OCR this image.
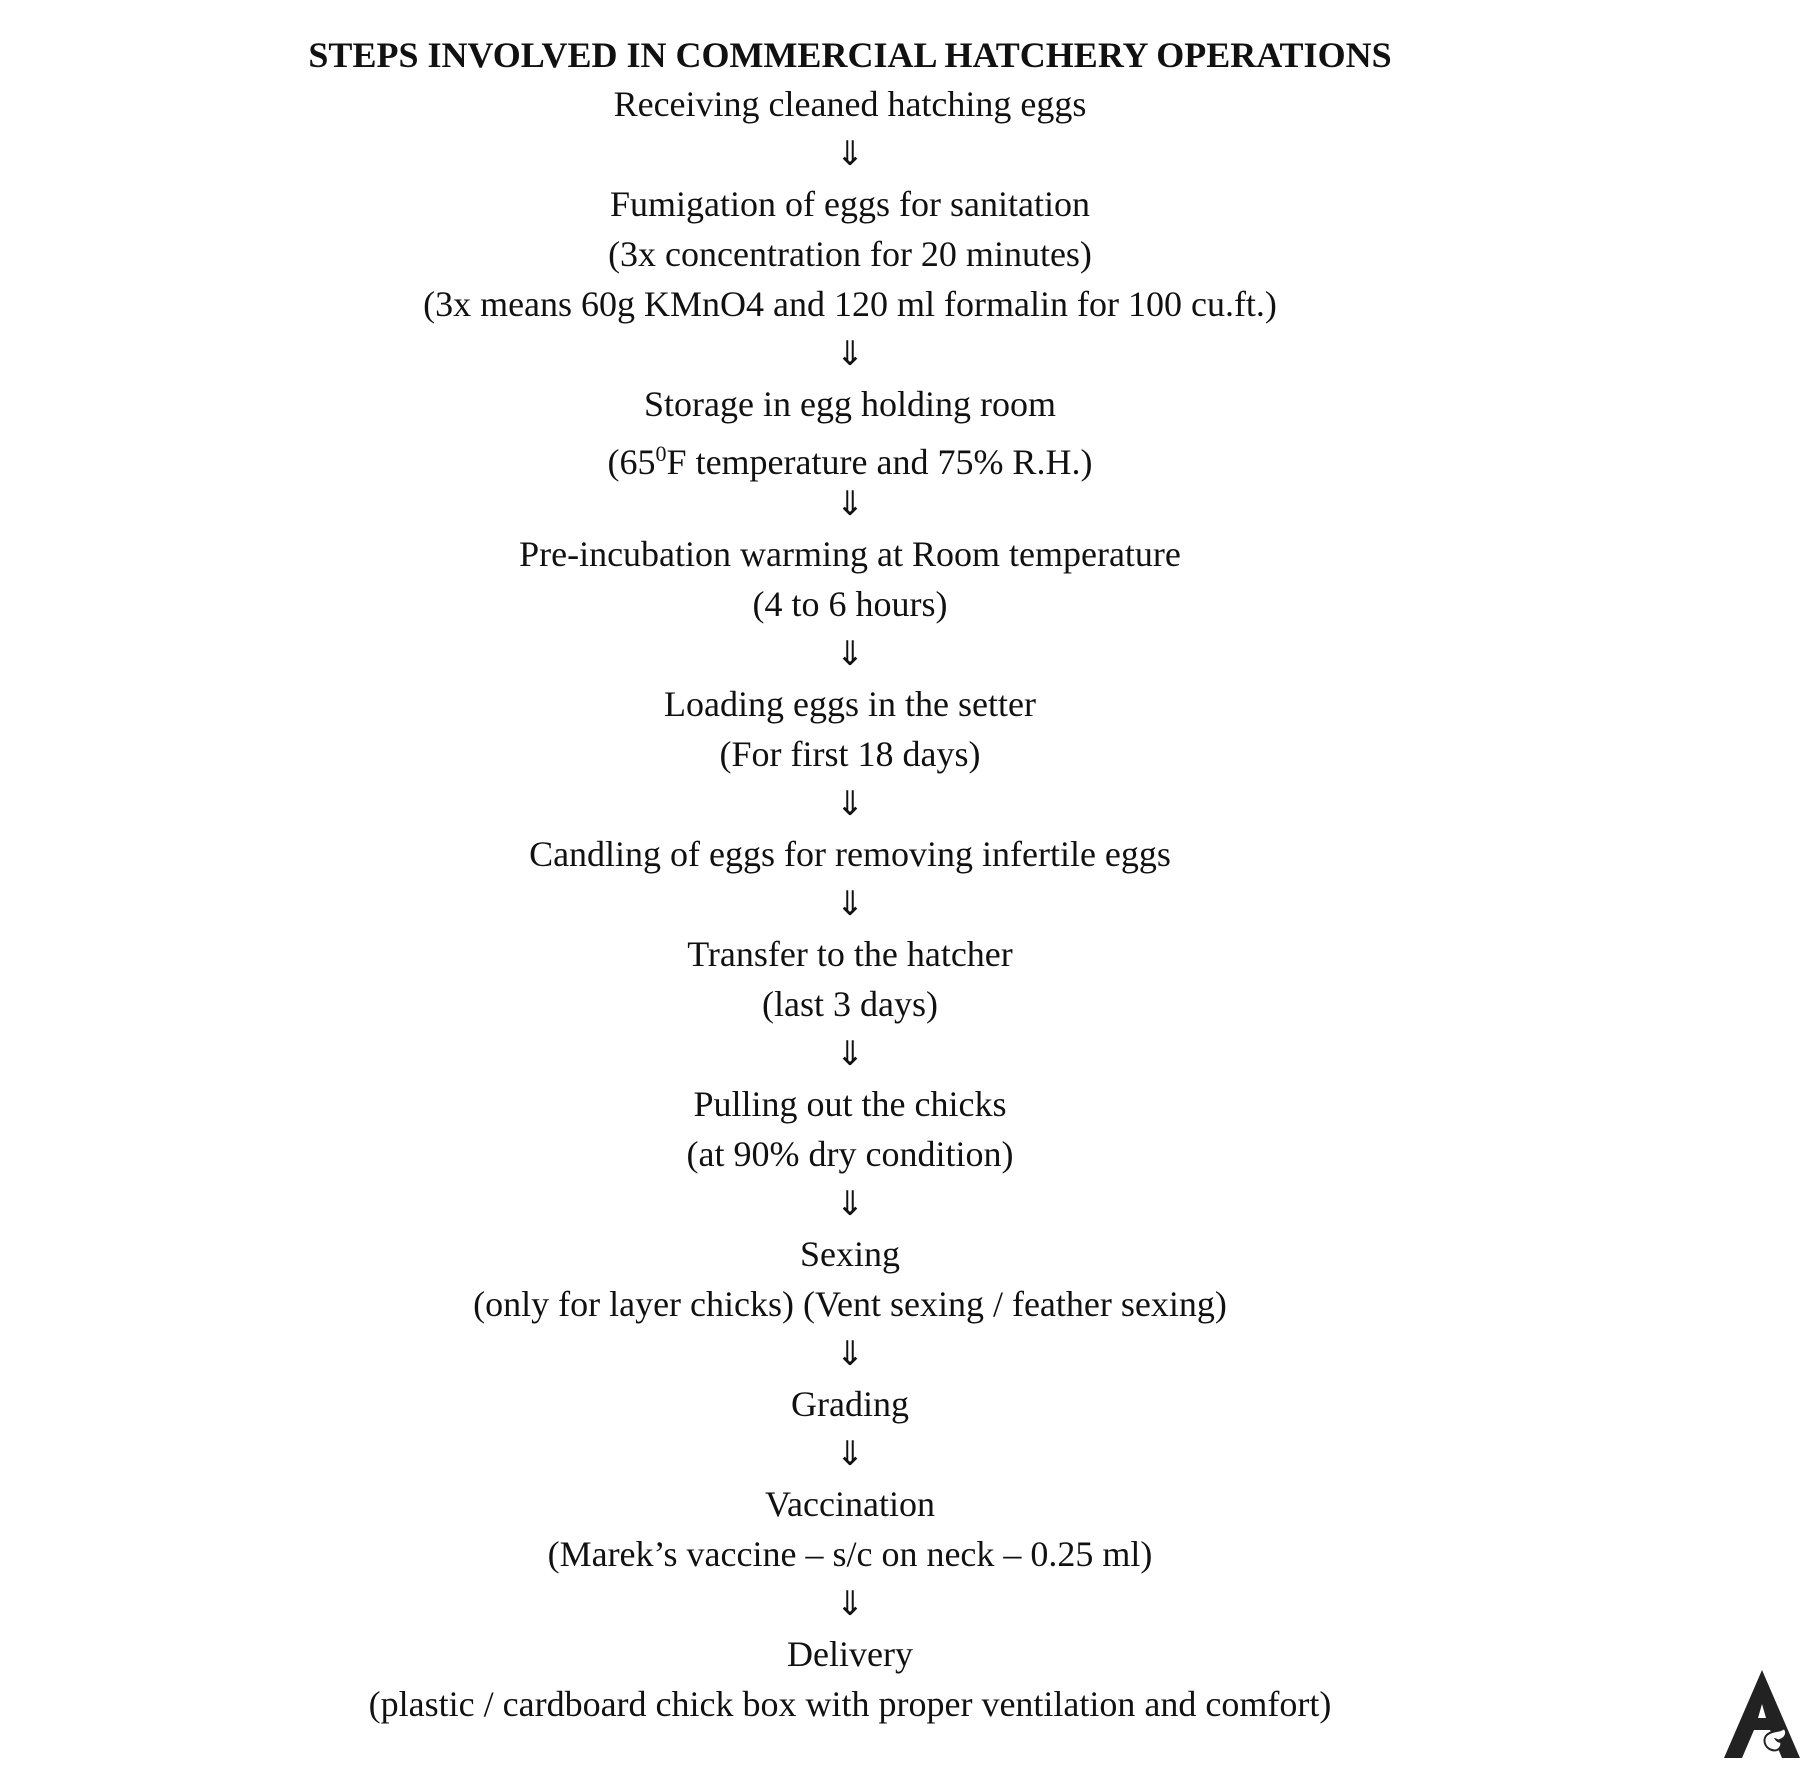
STEPS INVOLVED IN COMMERCIAL HATCHERY OPERATIONS
Receiving cleaned hatching eggs
⇓
Fumigation of eggs for sanitation
(3x concentration for 20 minutes)
(3x means 60g KMnO4 and 120 ml formalin for 100 cu.ft.)
⇓
Storage in egg holding room
($65^0F$ temperature and 75% R.H.)
⇓
Pre-incubation warming at Room temperature
(4 to 6 hours)
⇓
Loading eggs in the setter
(For first 18 days)
⇓
Candling of eggs for removing infertile eggs
⇓
Transfer to the hatcher
(last 3 days)
⇓
Pulling out the chicks
(at 90% dry condition)
⇓
Sexing
(only for layer chicks) (Vent sexing / feather sexing)
⇓
Grading
⇓
Vaccination
(Marek’s vaccine – s/c on neck – 0.25 ml)
⇓
Delivery
(plastic / cardboard chick box with proper ventilation and comfort)
